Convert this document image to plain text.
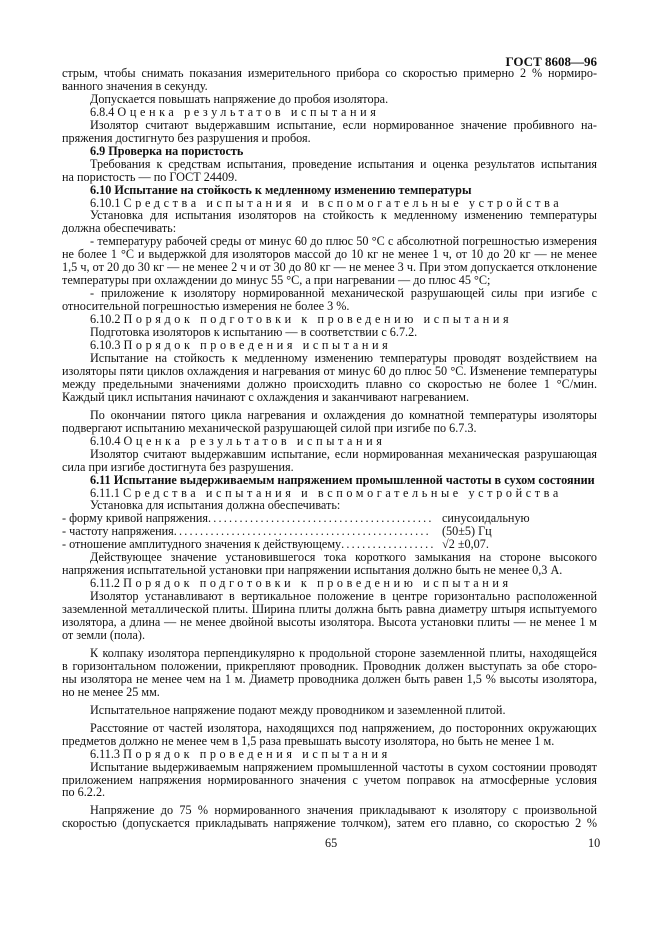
ГОСТ 8608—96
стрым, чтобы снимать показания измерительного прибора со скоростью примерно 2 % нормиро-
ванного значения в секунду.
Допускается повышать напряжение до пробоя изолятора.
6.8.4 Оценка результатов испытания
Изолятор считают выдержавшим испытание, если нормированное значение пробивного на-
пряжения достигнуто без разрушения и пробоя.
6.9 Проверка на пористость
Требования к средствам испытания, проведение испытания и оценка результатов испытания
на пористость — по ГОСТ 24409.
6.10 Испытание на стойкость к медленному изменению температуры
6.10.1 Средства испытания и вспомогательные устройства
Установка для испытания изоляторов на стойкость к медленному изменению температуры
должна обеспечивать:
- температуру рабочей среды от минус 60 до плюс 50 °С с абсолютной погрешностью измерения
не более 1 °С и выдержкой для изоляторов массой до 10 кг не менее 1 ч, от 10 до 20 кг — не менее
1,5 ч, от 20 до 30 кг — не менее 2 ч и от 30 до 80 кг — не менее 3 ч. При этом допускается отклонение
температуры при охлаждении до минус 55 °С, а при нагревании — до плюс 45 °С;
- приложение к изолятору нормированной механической разрушающей силы при изгибе с
относительной погрешностью измерения не более 3 %.
6.10.2 Порядок подготовки к проведению испытания
Подготовка изоляторов к испытанию — в соответствии с 6.7.2.
6.10.3 Порядок проведения испытания
Испытание на стойкость к медленному изменению температуры проводят воздействием на
изоляторы пяти циклов охлаждения и нагревания от минус 60 до плюс 50 °С. Изменение температуры
между предельными значениями должно происходить плавно со скоростью не более 1 °С/мин.
Каждый цикл испытания начинают с охлаждения и заканчивают нагреванием.
По окончании пятого цикла нагревания и охлаждения до комнатной температуры изоляторы
подвергают испытанию механической разрушающей силой при изгибе по 6.7.3.
6.10.4 Оценка результатов испытания
Изолятор считают выдержавшим испытание, если нормированная механическая разрушающая
сила при изгибе достигнута без разрушения.
6.11 Испытание выдерживаемым напряжением промышленной частоты в сухом состоянии
6.11.1 Средства испытания и вспомогательные устройства
Установка для испытания должна обеспечивать:
- форму кривой напряжения ........................................... синусоидальную
- частоту напряжения ................................................. (50±5) Гц
- отношение амплитудного значения к действующему .................. √2 ±0,07.
Действующее значение установившегося тока короткого замыкания на стороне высокого
напряжения испытательной установки при напряжении испытания должно быть не менее 0,3 А.
6.11.2 Порядок подготовки к проведению испытания
Изолятор устанавливают в вертикальное положение в центре горизонтально расположенной
заземленной металлической плиты. Ширина плиты должна быть равна диаметру штыря испытуемого
изолятора, а длина — не менее двойной высоты изолятора. Высота установки плиты — не менее 1 м
от земли (пола).
К колпаку изолятора перпендикулярно к продольной стороне заземленной плиты, находящейся
в горизонтальном положении, прикрепляют проводник. Проводник должен выступать за обе сторо-
ны изолятора не менее чем на 1 м. Диаметр проводника должен быть равен 1,5 % высоты изолятора,
но не менее 25 мм.
Испытательное напряжение подают между проводником и заземленной плитой.
Расстояние от частей изолятора, находящихся под напряжением, до посторонних окружающих
предметов должно не менее чем в 1,5 раза превышать высоту изолятора, но быть не менее 1 м.
6.11.3 Порядок проведения испытания
Испытание выдерживаемым напряжением промышленной частоты в сухом состоянии проводят
приложением напряжения нормированного значения с учетом поправок на атмосферные условия
по 6.2.2.
Напряжение до 75 % нормированного значения прикладывают к изолятору с произвольной
скоростью (допускается прикладывать напряжение толчком), затем его плавно, со скоростью 2 %
65	10
